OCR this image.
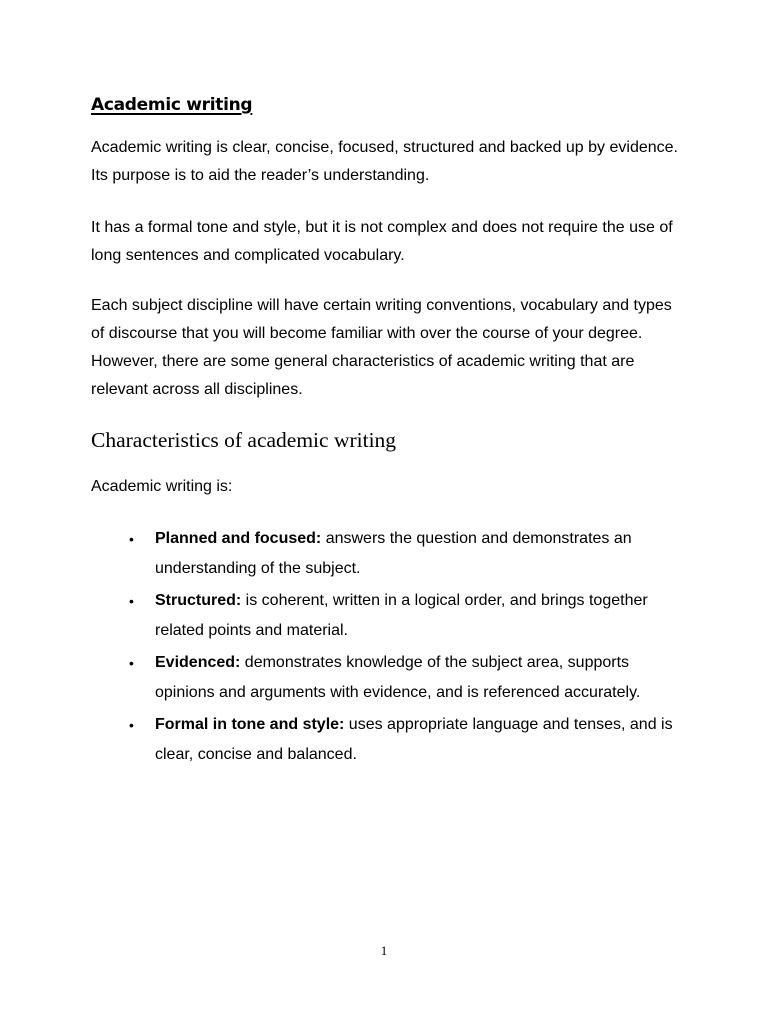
Academic writing

Academic writing is clear, concise, focused, structured and backed up by evidence. Its purpose is to aid the reader’s understanding.

It has a formal tone and style, but it is not complex and does not require the use of long sentences and complicated vocabulary.

Each subject discipline will have certain writing conventions, vocabulary and types of discourse that you will become familiar with over the course of your degree. However, there are some general characteristics of academic writing that are relevant across all disciplines.

Characteristics of academic writing

Academic writing is:

• Planned and focused: answers the question and demonstrates an understanding of the subject.
• Structured: is coherent, written in a logical order, and brings together related points and material.
• Evidenced: demonstrates knowledge of the subject area, supports opinions and arguments with evidence, and is referenced accurately.
• Formal in tone and style: uses appropriate language and tenses, and is clear, concise and balanced.
1
